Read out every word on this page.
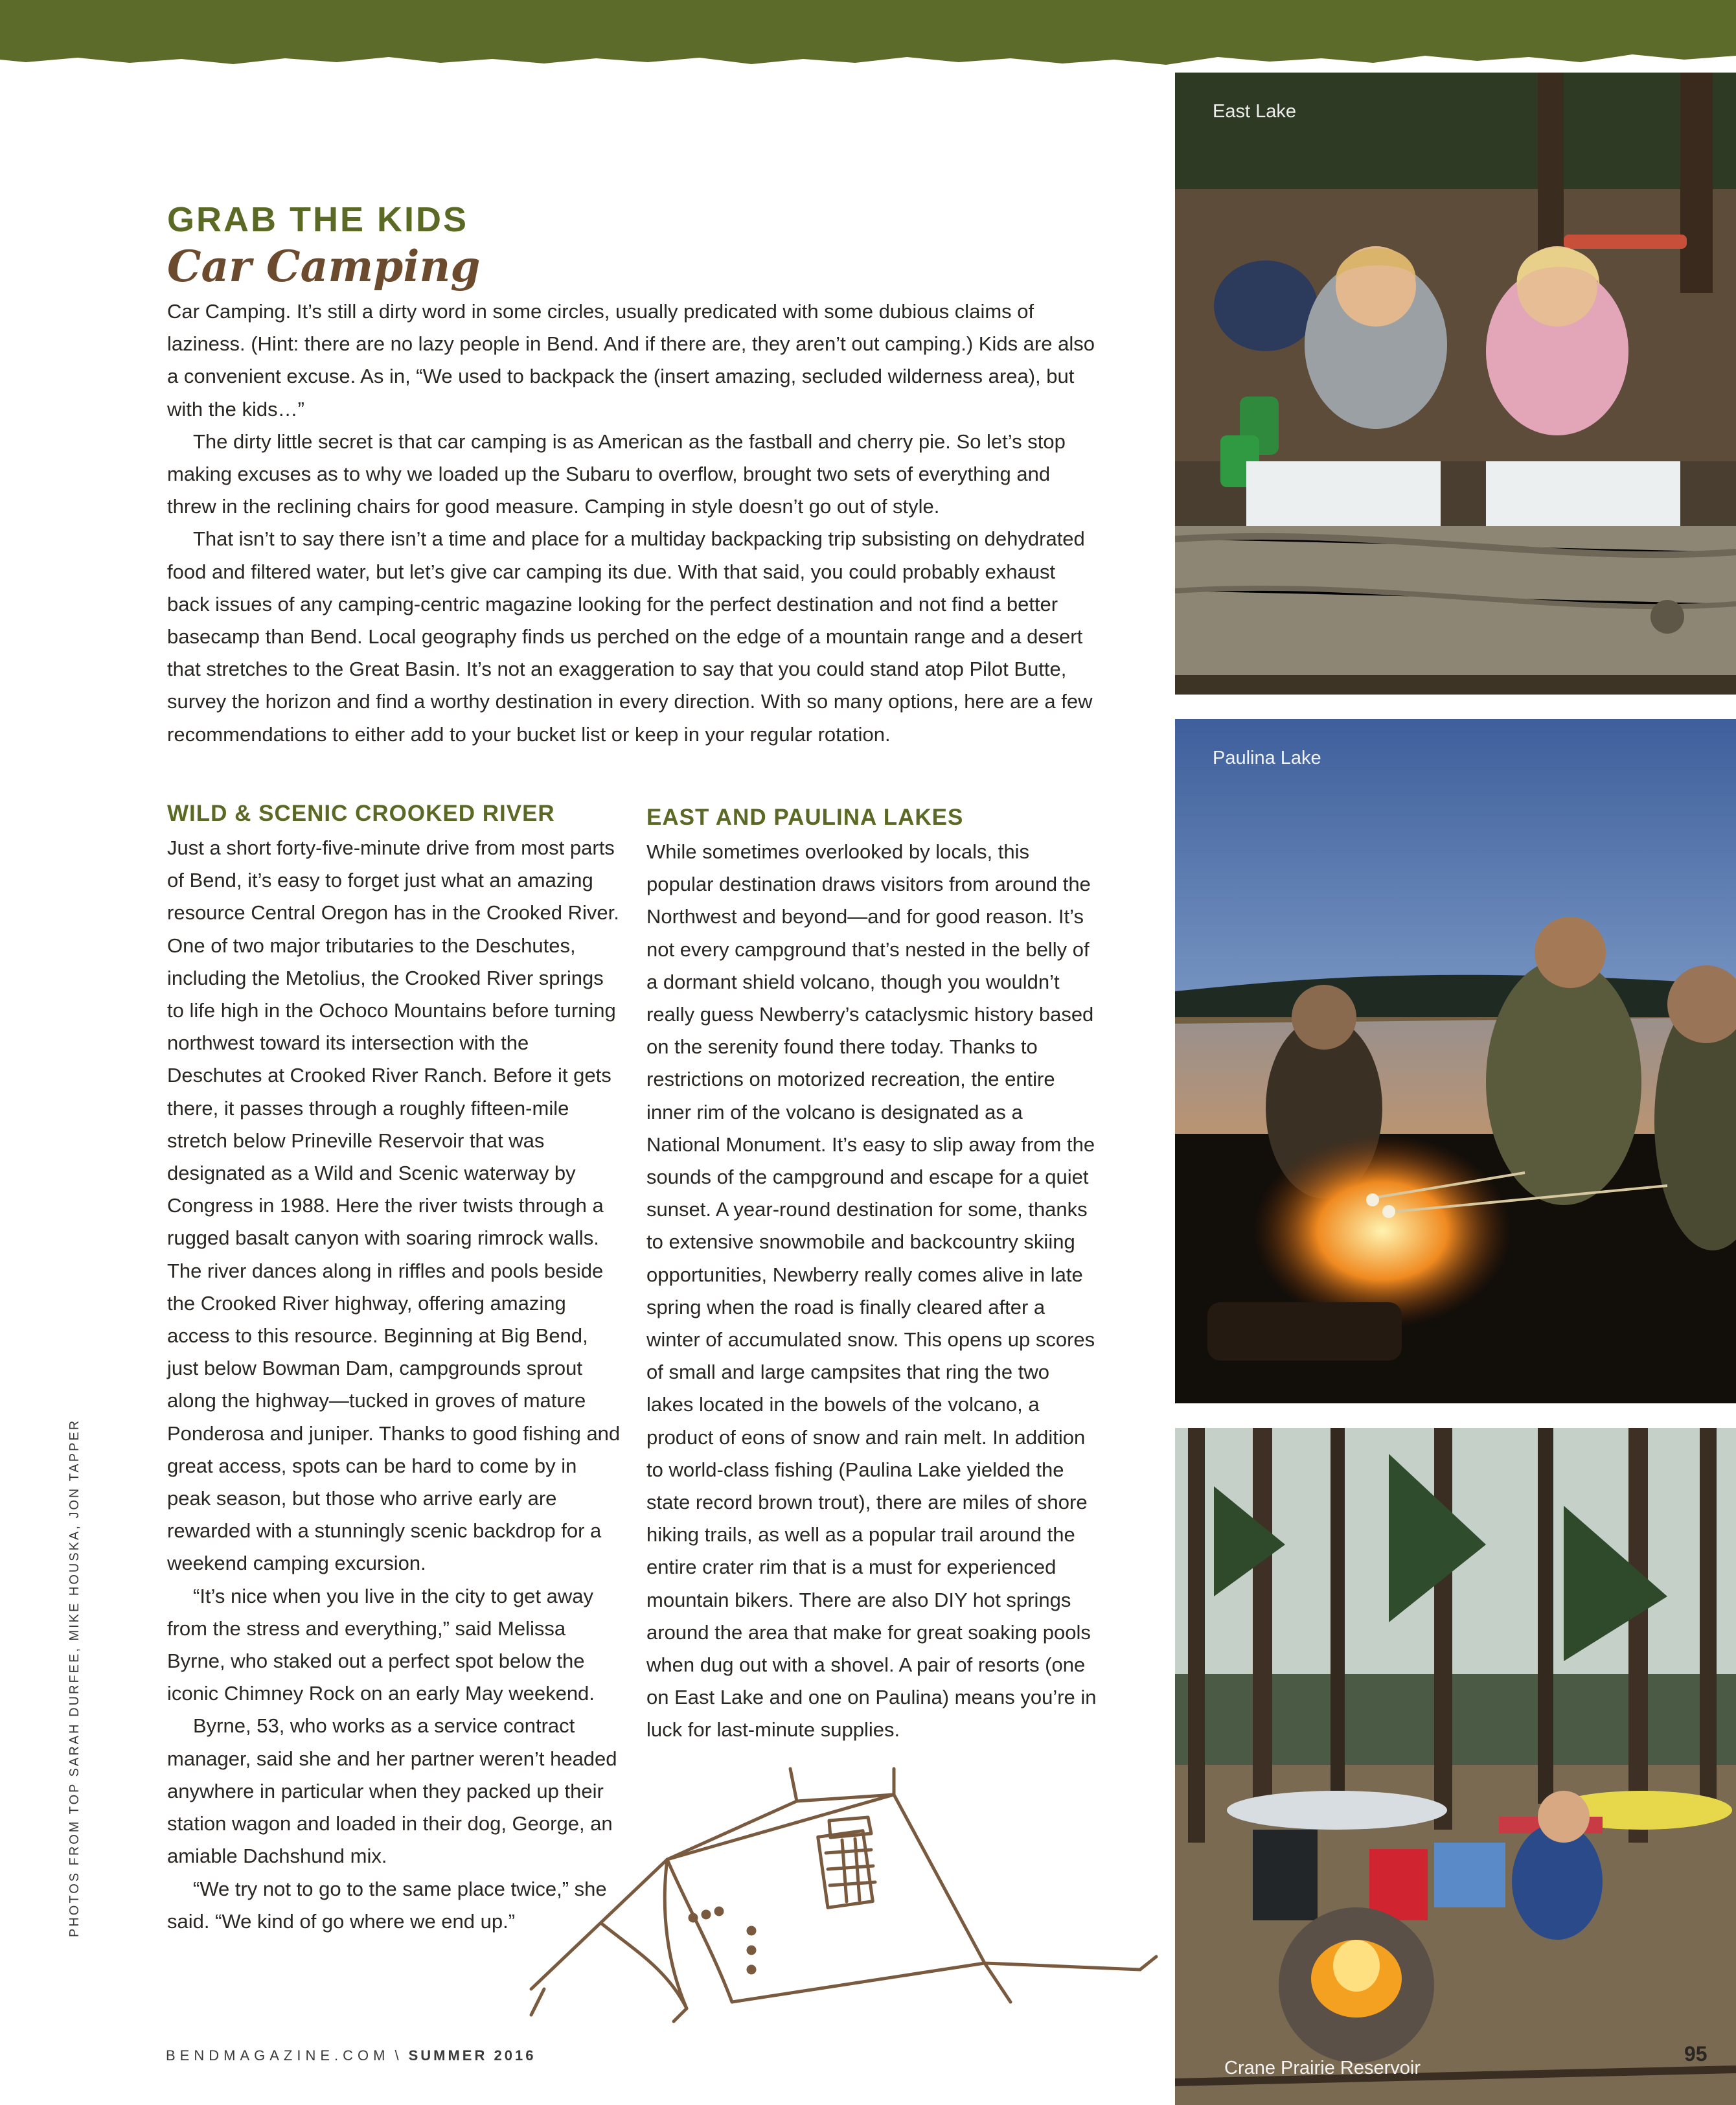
GRAB THE KIDS
Car Camping

Car Camping. It’s still a dirty word in some circles, usually predicated with some dubious claims of laziness. (Hint: there are no lazy people in Bend. And if there are, they aren’t out camping.) Kids are also a convenient excuse. As in, “We used to backpack the (insert amazing, secluded wilderness area), but with the kids…”

The dirty little secret is that car camping is as American as the fastball and cherry pie. So let’s stop making excuses as to why we loaded up the Subaru to overflow, brought two sets of everything and threw in the reclining chairs for good measure. Camping in style doesn’t go out of style.

That isn’t to say there isn’t a time and place for a multiday backpacking trip subsisting on dehydrated food and filtered water, but let’s give car camping its due. With that said, you could probably exhaust back issues of any camping-centric magazine looking for the perfect destination and not find a better basecamp than Bend. Local geography finds us perched on the edge of a mountain range and a desert that stretches to the Great Basin. It’s not an exaggeration to say that you could stand atop Pilot Butte, survey the horizon and find a worthy destination in every direction. With so many options, here are a few recommendations to either add to your bucket list or keep in your regular rotation.

WILD & SCENIC CROOKED RIVER

Just a short forty-five-minute drive from most parts of Bend, it’s easy to forget just what an amazing resource Central Oregon has in the Crooked River. One of two major tributaries to the Deschutes, including the Metolius, the Crooked River springs to life high in the Ochoco Mountains before turning northwest toward its intersection with the Deschutes at Crooked River Ranch. Before it gets there, it passes through a roughly fifteen-mile stretch below Prineville Reservoir that was designated as a Wild and Scenic waterway by Congress in 1988. Here the river twists through a rugged basalt canyon with soaring rimrock walls. The river dances along in riffles and pools beside the Crooked River highway, offering amazing access to this resource. Beginning at Big Bend, just below Bowman Dam, campgrounds sprout along the highway—tucked in groves of mature Ponderosa and juniper. Thanks to good fishing and great access, spots can be hard to come by in peak season, but those who arrive early are rewarded with a stunningly scenic backdrop for a weekend camping excursion.

“It’s nice when you live in the city to get away from the stress and everything,” said Melissa Byrne, who staked out a perfect spot below the iconic Chimney Rock on an early May weekend.

Byrne, 53, who works as a service contract manager, said she and her partner weren’t headed anywhere in particular when they packed up their station wagon and loaded in their dog, George, an amiable Dachshund mix.

“We try not to go to the same place twice,” she said. “We kind of go where we end up.”

EAST AND PAULINA LAKES

While sometimes overlooked by locals, this popular destination draws visitors from around the Northwest and beyond—and for good reason. It’s not every campground that’s nested in the belly of a dormant shield volcano, though you wouldn’t really guess Newberry’s cataclysmic history based on the serenity found there today. Thanks to restrictions on motorized recreation, the entire inner rim of the volcano is designated as a National Monument. It’s easy to slip away from the sounds of the campground and escape for a quiet sunset. A year-round destination for some, thanks to extensive snowmobile and backcountry skiing opportunities, Newberry really comes alive in late spring when the road is finally cleared after a winter of accumulated snow. This opens up scores of small and large campsites that ring the two lakes located in the bowels of the volcano, a product of eons of snow and rain melt. In addition to world-class fishing (Paulina Lake yielded the state record brown trout), there are miles of shore hiking trails, as well as a popular trail around the entire crater rim that is a must for experienced mountain bikers. There are also DIY hot springs around the area that make for great soaking pools when dug out with a shovel. A pair of resorts (one on East Lake and one on Paulina) means you’re in luck for last-minute supplies.

East Lake
Paulina Lake
Crane Prairie Reservoir
PHOTOS FROM TOP SARAH DURFEE, MIKE HOUSKA, JON TAPPER
BENDMAGAZINE.COM \ SUMMER 2016	95
